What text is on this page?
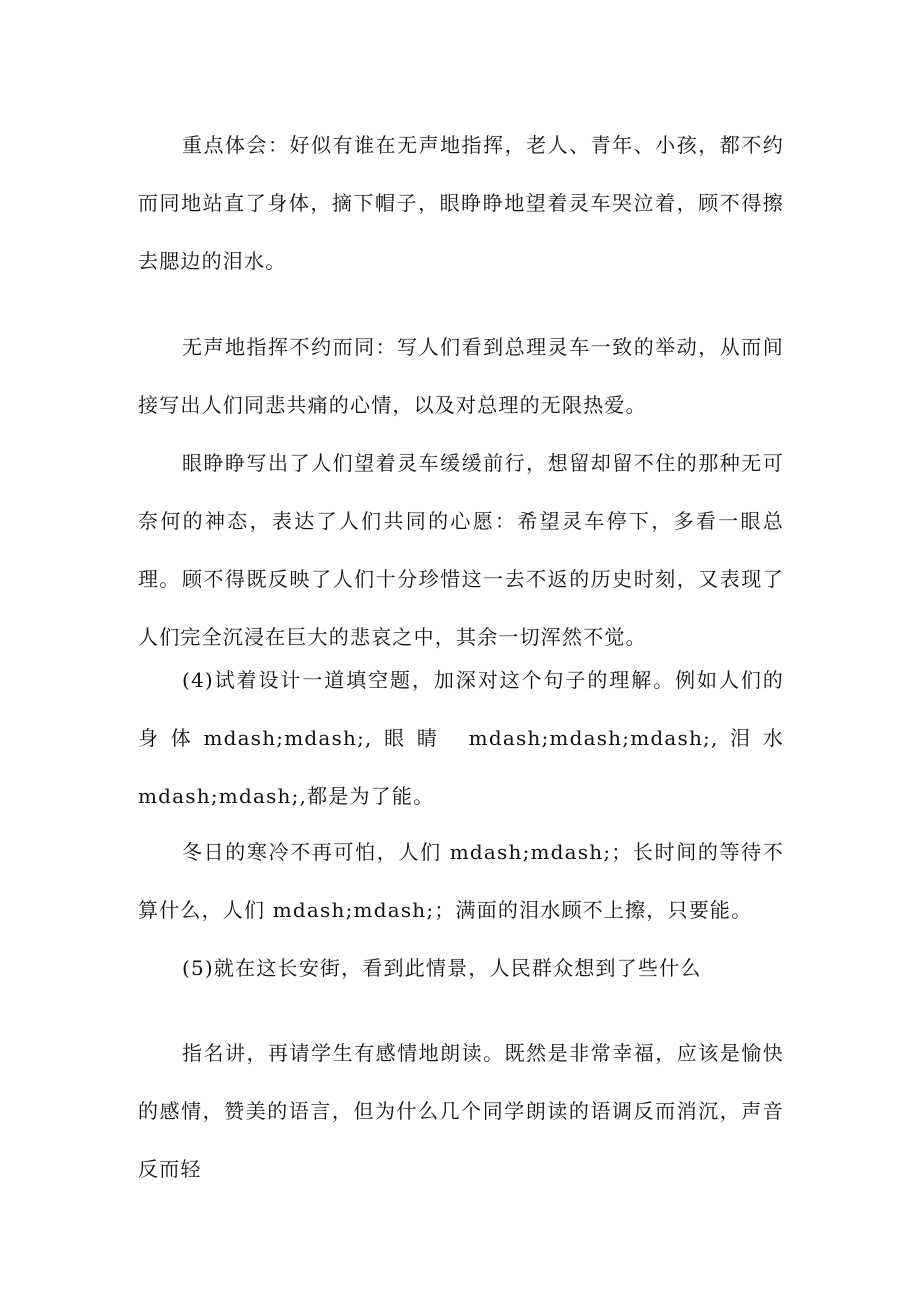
重点体会：好似有谁在无声地指挥，老人、青年、小孩，都不约而同地站直了身体，摘下帽子，眼睁睁地望着灵车哭泣着，顾不得擦去腮边的泪水。

无声地指挥不约而同：写人们看到总理灵车一致的举动，从而间接写出人们同悲共痛的心情，以及对总理的无限热爱。

眼睁睁写出了人们望着灵车缓缓前行，想留却留不住的那种无可奈何的神态，表达了人们共同的心愿：希望灵车停下，多看一眼总理。 顾不得既反映了人们十分珍惜这一去不返的历史时刻，又表现了人们完全沉浸在巨大的悲哀之中，其余一切浑然不觉。

(4)试着设计一道填空题，加深对这个句子的理解。例如人们的身体mdash;mdash;,眼睛 mdash;mdash;mdash;,泪水 mdash;mdash;,都是为了能。

冬日的寒冷不再可怕，人们 mdash;mdash;；长时间的等待不算什么，人们 mdash;mdash;；满面的泪水顾不上擦，只要能。

(5)就在这长安街，看到此情景，人民群众想到了些什么

指名讲，再请学生有感情地朗读。既然是非常幸福，应该是愉快的感情，赞美的语言，但为什么几个同学朗读的语调反而消沉，声音反而轻
